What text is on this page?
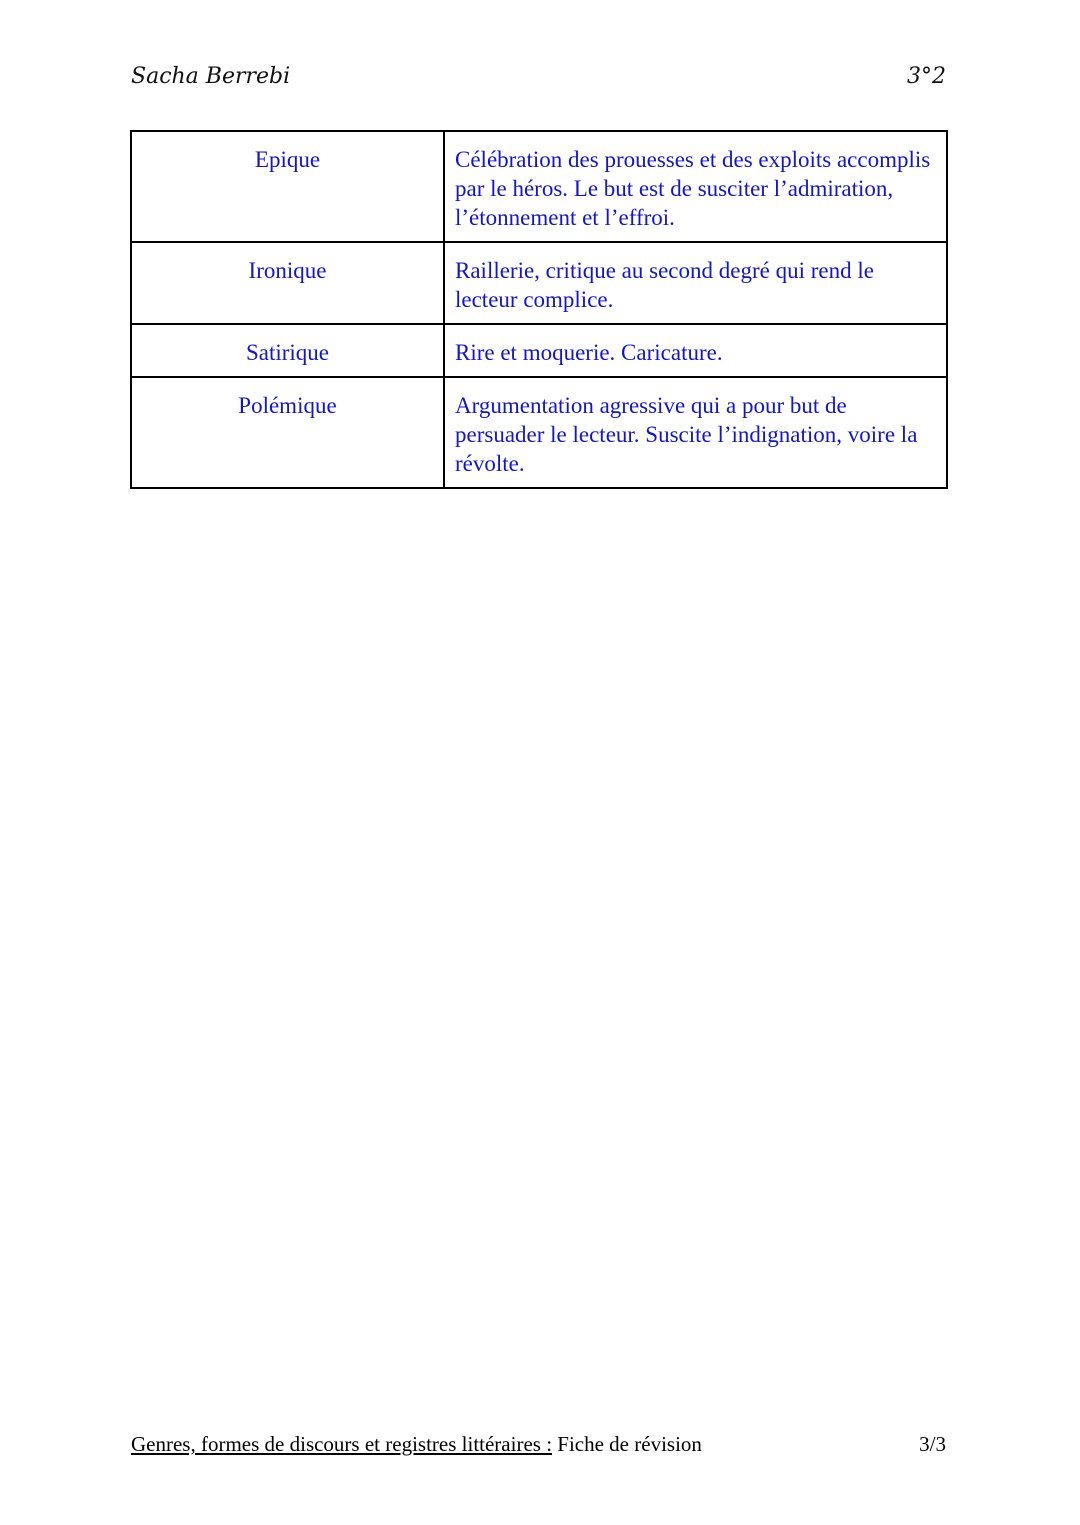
Sacha Berrebi	3°2
Epique	Célébration des prouesses et des exploits accomplis par le héros. Le but est de susciter l’admiration, l’étonnement et l’effroi.
Ironique	Raillerie, critique au second degré qui rend le lecteur complice.
Satirique	Rire et moquerie. Caricature.
Polémique	Argumentation agressive qui a pour but de persuader le lecteur. Suscite l’indignation, voire la révolte.
Genres, formes de discours et registres littéraires : Fiche de révision	3/3
